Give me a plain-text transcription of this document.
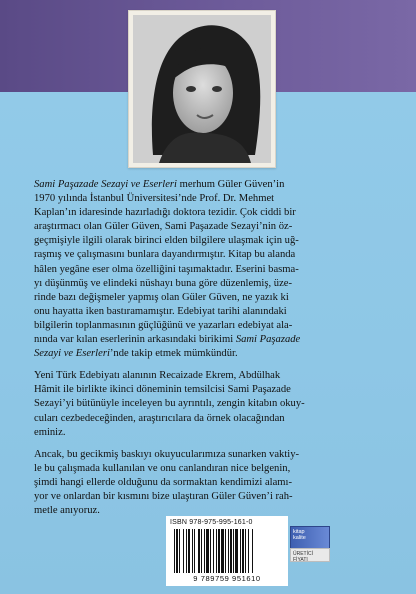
Sami Paşazade Sezayi ve Eserleri merhum Güler Güven’in
1970 yılında İstanbul Üniversitesi’nde Prof. Dr. Mehmet
Kaplan’ın idaresinde hazırladığı doktora tezidir. Çok ciddi bir
araştırmacı olan Güler Güven, Sami Paşazade Sezayi’nin öz-
geçmişiyle ilgili olarak birinci elden bilgilere ulaşmak için uğ-
raşmış ve çalışmasını bunlara dayandırmıştır. Kitap bu alanda
hâlen yegâne eser olma özelliğini taşımaktadır. Eserini basma-
yı düşünmüş ve elindeki nüshayı buna göre düzenlemiş, üze-
rinde bazı değişmeler yapmış olan Güler Güven, ne yazık ki
onu hayatta iken bastıramamıştır. Edebiyat tarihi alanındaki
bilgilerin toplanmasının güçlüğünü ve yazarları edebiyat ala-
nında var kılan eserlerinin arkasındaki birikimi Sami Paşazade
Sezayi ve Eserleri’nde takip etmek mümkündür.

Yeni Türk Edebiyatı alanının Recaizade Ekrem, Abdülhak
Hâmit ile birlikte ikinci döneminin temsilcisi Sami Paşazade
Sezayi’yi bütünüyle inceleyen bu ayrıntılı, zengin kitabın okuy-
cuları cezbedeceğinden, araştırıcılara da örnek olacağından
eminiz.

Ancak, bu gecikmiş baskıyı okuyucularımıza sunarken vaktiy-
le bu çalışmada kullanılan ve onu canlandıran nice belgenin,
şimdi hangi ellerde olduğunu da sormaktan kendimizi alamı-
yor ve onlardan bir kısmını bize ulaştıran Güler Güven’i rah-
metle anıyoruz.

ISBN 978-975-995-161-0
9 789759 951610
kitap
kalite
ÜRETİCİ FİYATI
